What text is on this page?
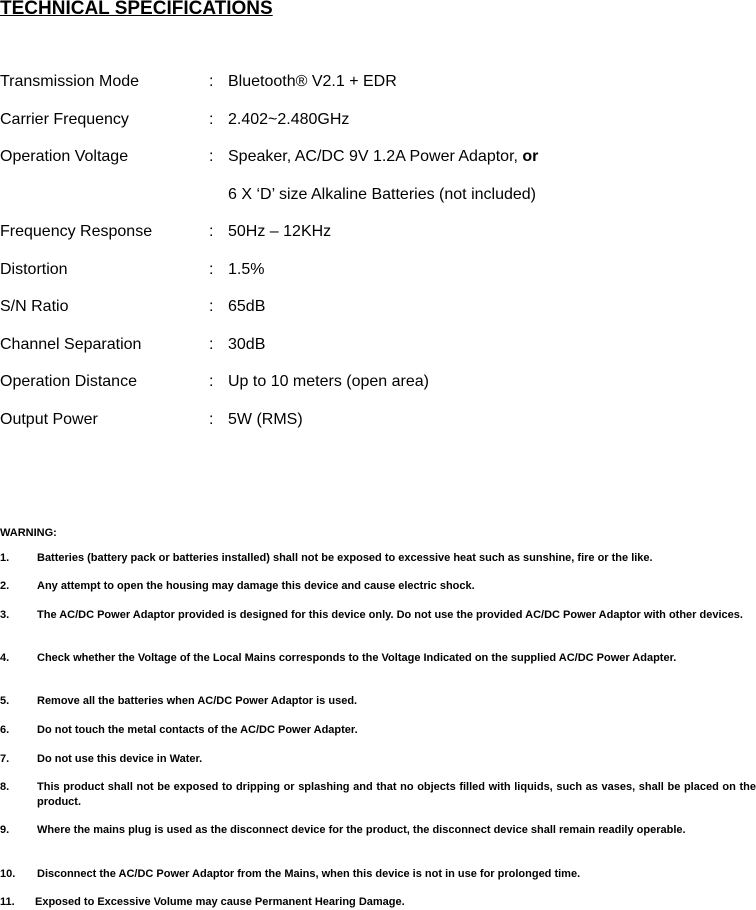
TECHNICAL SPECIFICATIONS
Transmission Mode	: Bluetooth® V2.1 + EDR
Carrier Frequency	: 2.402~2.480GHz
Operation Voltage	: Speaker, AC/DC 9V 1.2A Power Adaptor, or
6 X ‘D’ size Alkaline Batteries (not included)
Frequency Response	: 50Hz – 12KHz
Distortion	: 1.5%
S/N Ratio	: 65dB
Channel Separation	: 30dB
Operation Distance	: Up to 10 meters (open area)
Output Power	: 5W (RMS)
WARNING:
1.	Batteries (battery pack or batteries installed) shall not be exposed to excessive heat such as sunshine, fire or the like.
2.	Any attempt to open the housing may damage this device and cause electric shock.
3.	The AC/DC Power Adaptor provided is designed for this device only. Do not use the provided AC/DC Power Adaptor with other devices.
4.	Check whether the Voltage of the Local Mains corresponds to the Voltage Indicated on the supplied AC/DC Power Adapter.
5.	Remove all the batteries when AC/DC Power Adaptor is used.
6.	Do not touch the metal contacts of the AC/DC Power Adapter.
7.	Do not use this device in Water.
8.	This product shall not be exposed to dripping or splashing and that no objects filled with liquids, such as vases, shall be placed on the product.
9.	Where the mains plug is used as the disconnect device for the product, the disconnect device shall remain readily operable.
10. Disconnect the AC/DC Power Adaptor from the Mains, when this device is not in use for prolonged time.
11. Exposed to Excessive Volume may cause Permanent Hearing Damage.
